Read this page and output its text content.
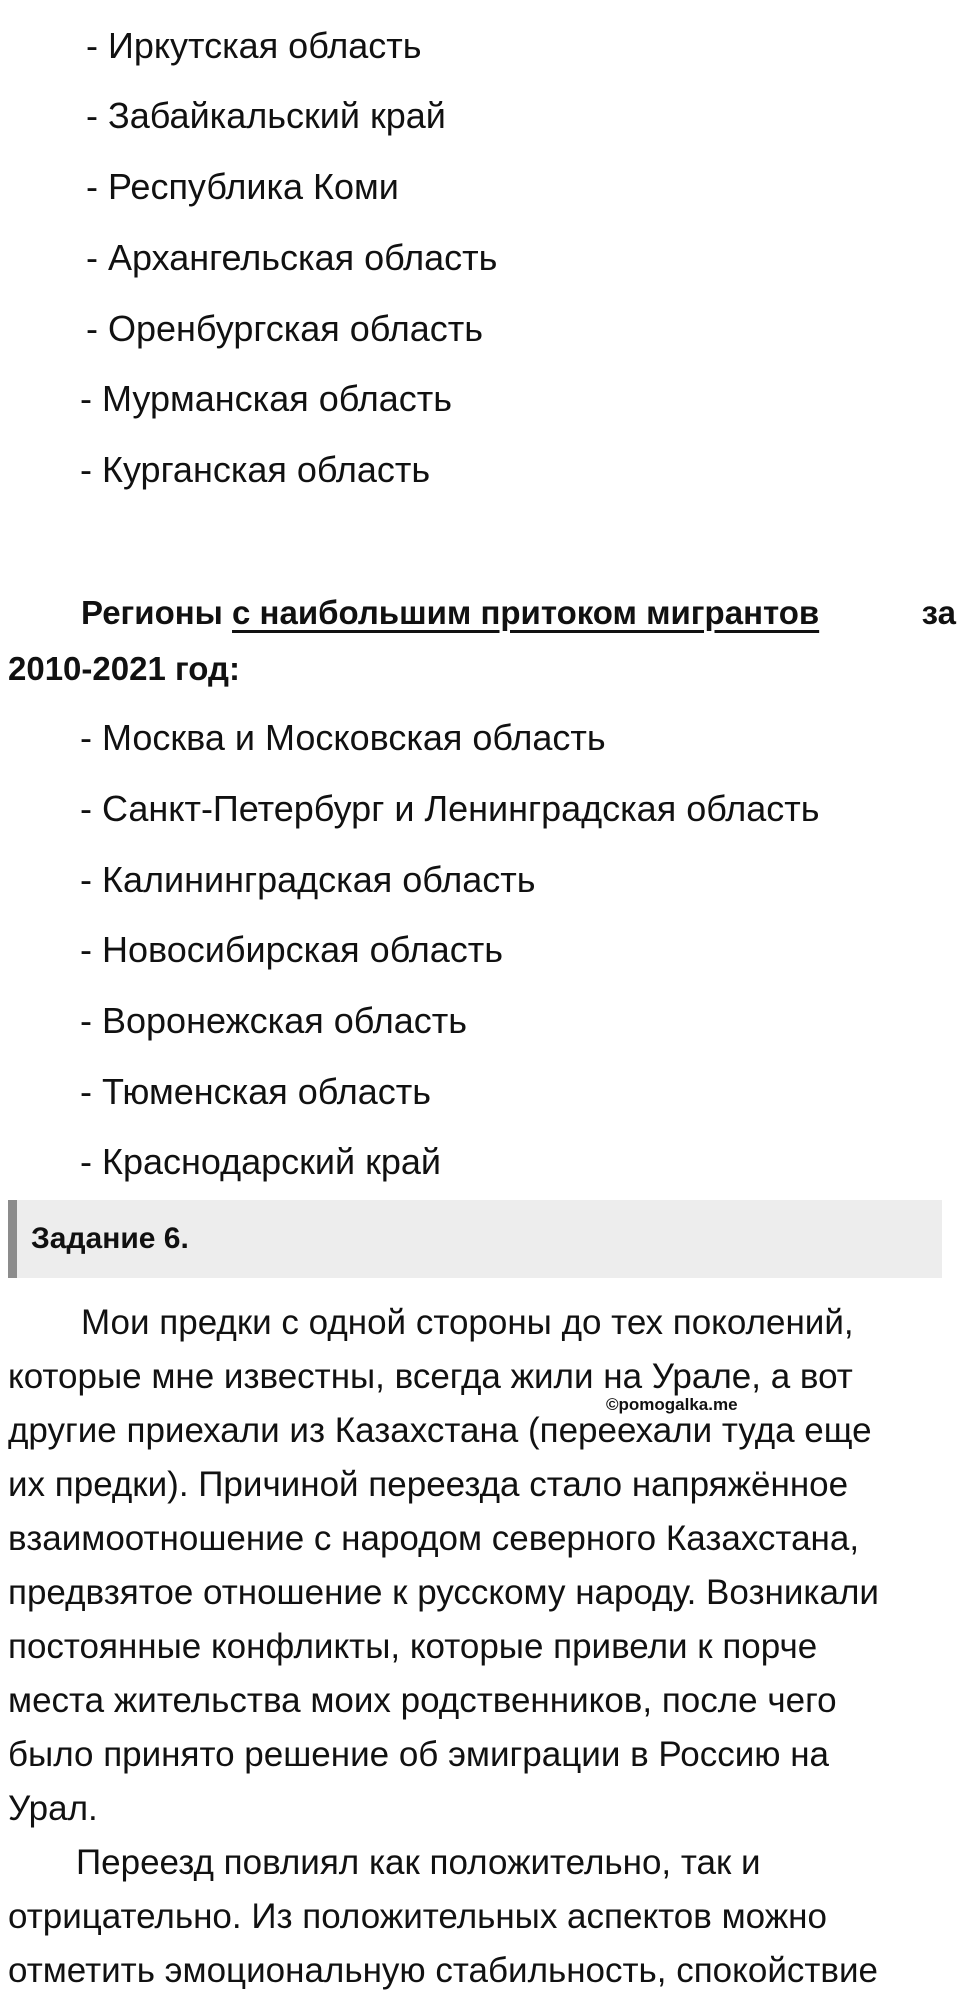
- Иркутская область
- Забайкальский край
- Республика Коми
- Архангельская область
- Оренбургская область
- Мурманская область
- Курганская область
Регионы с наибольшим притоком мигрантов	за

2010-2021 год:
- Москва и Московская область
- Санкт-Петербург и Ленинградская область
- Калининградская область
- Новосибирская область
- Воронежская область
- Тюменская область
- Краснодарский край
Задание 6.

Мои предки с одной стороны до тех поколений,
которые мне известны, всегда жили на Урале, а вот
другие приехали из Казахстана (переехали туда еще
их предки). Причиной переезда стало напряжённое
взаимоотношение с народом северного Казахстана,
предвзятое отношение к русскому народу. Возникали
постоянные конфликты, которые привели к порче
места жительства моих родственников, после чего
было принято решение об эмиграции в Россию на
Урал.

©pomogalka.me

Переезд повлиял как положительно, так и
отрицательно. Из положительных аспектов можно
отметить эмоциональную стабильность, спокойствие
